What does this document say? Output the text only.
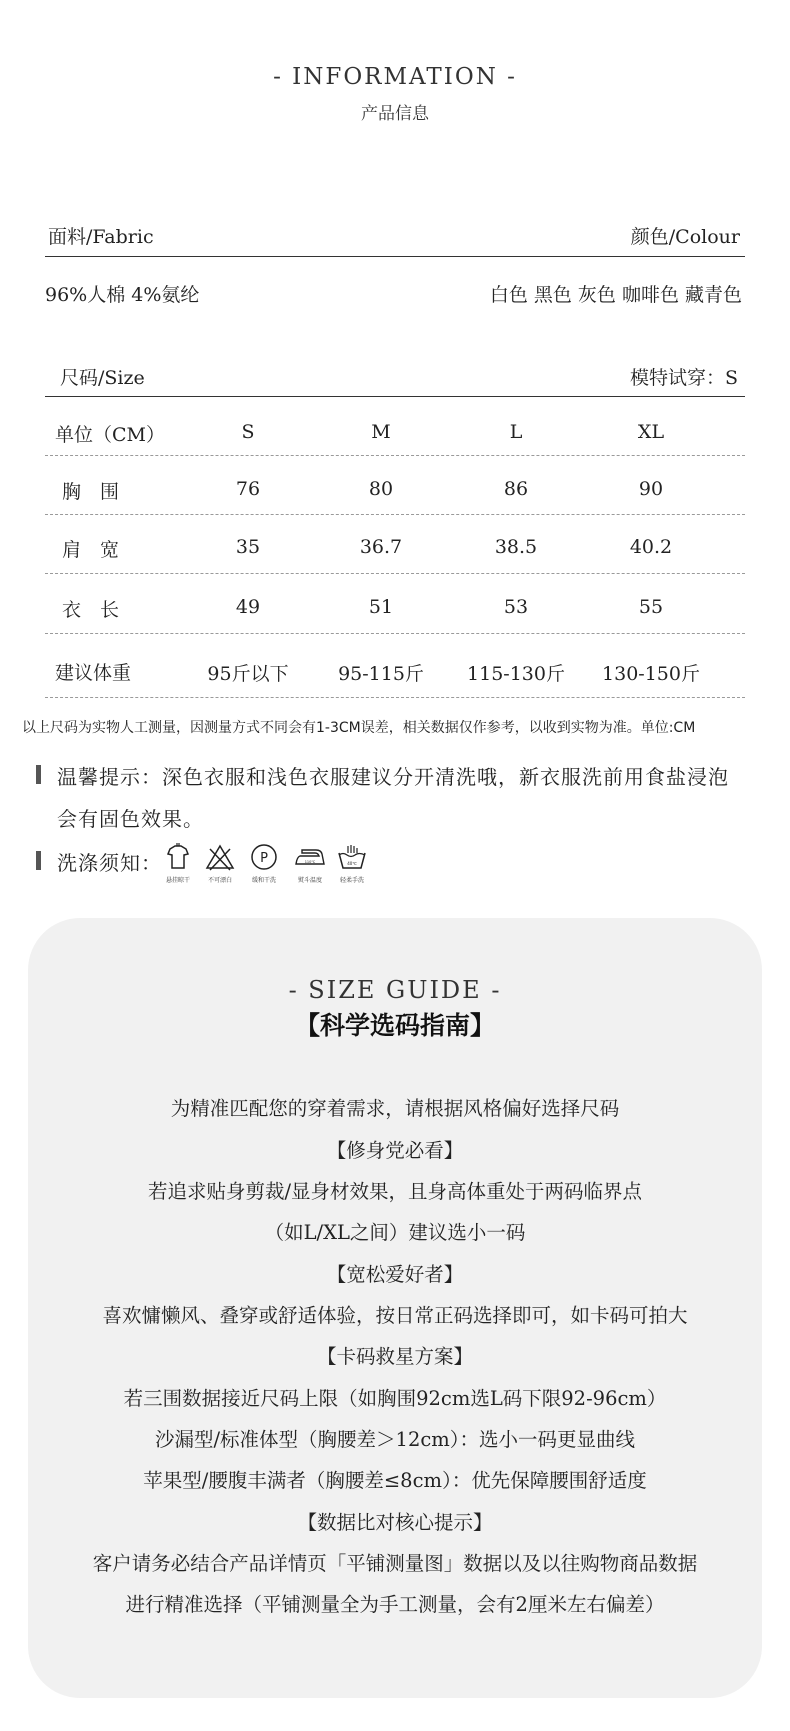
- INFORMATION -
产品信息
面料/Fabric	颜色/Colour
96%人棉 4%氨纶	白色 黑色 灰色 咖啡色 藏青色
尺码/Size	模特试穿：S
单位（CM）	S	M	L	XL
胸　围	76	80	86	90
肩　宽	35	36.7	38.5	40.2
衣　长	49	51	53	55
建议体重	95斤以下	95-115斤	115-130斤	130-150斤
以上尺码为实物人工测量，因测量方式不同会有1-3CM误差，相关数据仅作参考，以收到实物为准。单位:CM
温馨提示：深色衣服和浅色衣服建议分开清洗哦，新衣服洗前用食盐浸泡
会有固色效果。
洗涤须知：
悬挂晾干	不可漂白
P
缓和干洗
110℃
熨斗温度
40℃
轻柔手洗
- SIZE GUIDE -
【科学选码指南】
为精准匹配您的穿着需求，请根据风格偏好选择尺码
【修身党必看】
若追求贴身剪裁/显身材效果，且身高体重处于两码临界点
（如L/XL之间）建议选小一码
【宽松爱好者】
喜欢慵懒风、叠穿或舒适体验，按日常正码选择即可，如卡码可拍大
【卡码救星方案】
若三围数据接近尺码上限（如胸围92cm选L码下限92-96cm）
沙漏型/标准体型（胸腰差＞12cm）：选小一码更显曲线
苹果型/腰腹丰满者（胸腰差≤8cm）：优先保障腰围舒适度
【数据比对核心提示】
客户请务必结合产品详情页「平铺测量图」数据以及以往购物商品数据
进行精准选择（平铺测量全为手工测量，会有2厘米左右偏差）
